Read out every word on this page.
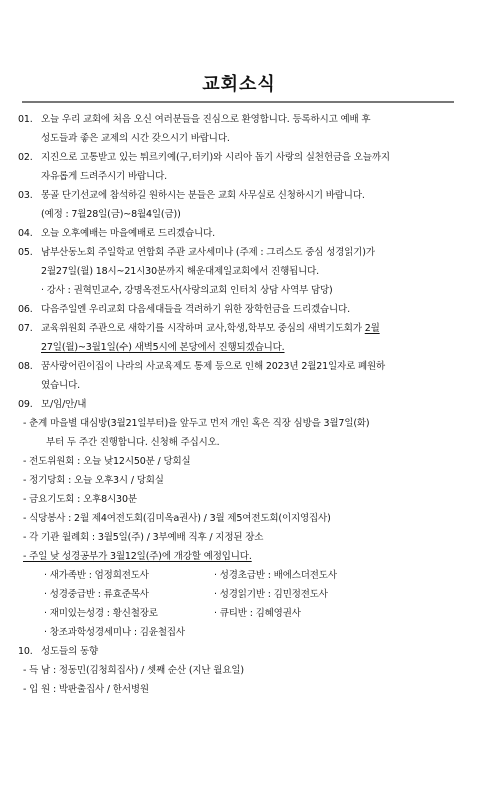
교회소식
01. 오늘 우리 교회에 처음 오신 여러분들을 진심으로 환영합니다. 등록하시고 예배 후
성도들과 좋은 교제의 시간 갖으시기 바랍니다.
02. 지진으로 고통받고 있는 튀르키예(구,터키)와 시리아 돕기 사랑의 실천헌금을 오늘까지
자유롭게 드려주시기 바랍니다.
03. 몽골 단기선교에 참석하길 원하시는 분들은 교회 사무실로 신청하시기 바랍니다.
(예정 : 7월28일(금)~8월4일(금))
04. 오늘 오후예배는 마을예배로 드리겠습니다.
05. 남부산동노회 주일학교 연합회 주관 교사세미나 (주제 : 그리스도 중심 성경읽기)가
2월27일(월) 18시~21시30분까지 해운대제일교회에서 진행됩니다.
· 강사 : 권혁민교수, 강명옥전도사(사랑의교회 인터치 상담 사역부 담당)
06. 다음주일엔 우리교회 다음세대들을 격려하기 위한 장학헌금을 드리겠습니다.
07. 교육위원회 주관으로 새학기를 시작하며 교사,학생,학부모 중심의 새벽기도회가 2월
27일(월)~3월1일(수) 새벽5시에 본당에서 진행되겠습니다.
08. 꿈사랑어린이집이 나라의 사교육제도 통제 등으로 인해 2023년 2월21일자로 폐원하
였습니다.
09. 모/임/안/내
- 춘계 마을별 대심방(3월21일부터)을 앞두고 먼저 개인 혹은 직장 심방을 3월7일(화)
부터 두 주간 진행합니다. 신청해 주십시오.
- 전도위원회 : 오늘 낮12시50분 / 당회실
- 정기당회 : 오늘 오후3시 / 당회실
- 금요기도회 : 오후8시30분
- 식당봉사 : 2월 제4여전도회(김미옥a권사) / 3월 제5여전도회(이지영집사)
- 각 기관 월례회 : 3월5일(주) / 3부예배 직후 / 지정된 장소
- 주일 낮 성경공부가 3월12일(주)에 개강할 예정입니다.
· 새가족반 : 엄정희전도사	· 성경초급반 : 배에스더전도사
· 성경중급반 : 류효준목사	· 성경읽기반 : 김민정전도사
· 재미있는성경 : 황신철장로	· 큐티반 : 김혜영권사
· 창조과학성경세미나 : 김윤철집사
10. 성도들의 동향
- 득 남 : 정동민(김청희집사) / 셋째 순산 (지난 월요일)
- 입 원 : 박판출집사 / 한서병원
